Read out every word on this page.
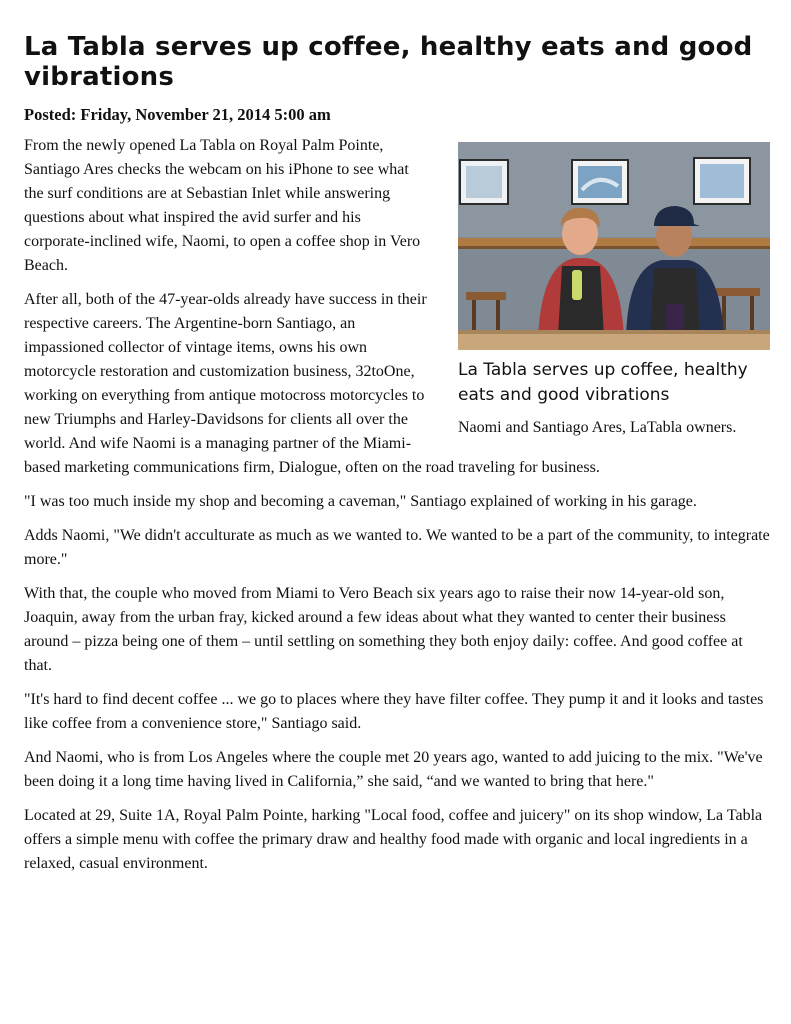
La Tabla serves up coffee, healthy eats and good vibrations
Posted: Friday, November 21, 2014 5:00 am
La Tabla serves up coffee, healthy eats and good vibrations

Naomi and Santiago Ares, LaTabla owners.

From the newly opened La Tabla on Royal Palm Pointe, Santiago Ares checks the webcam on his iPhone to see what the surf conditions are at Sebastian Inlet while answering questions about what inspired the avid surfer and his corporate-inclined wife, Naomi, to open a coffee shop in Vero Beach.

After all, both of the 47-year-olds already have success in their respective careers. The Argentine-born Santiago, an impassioned collector of vintage items, owns his own motorcycle restoration and customization business, 32toOne, working on everything from antique motocross motorcycles to new Triumphs and Harley-Davidsons for clients all over the world. And wife Naomi is a managing partner of the Miami-based marketing communications firm, Dialogue, often on the road traveling for business.

"I was too much inside my shop and becoming a caveman," Santiago explained of working in his garage.

Adds Naomi, "We didn't acculturate as much as we wanted to. We wanted to be a part of the community, to integrate more."

With that, the couple who moved from Miami to Vero Beach six years ago to raise their now 14-year-old son, Joaquin, away from the urban fray, kicked around a few ideas about what they wanted to center their business around – pizza being one of them – until settling on something they both enjoy daily: coffee. And good coffee at that.

"It's hard to find decent coffee ... we go to places where they have filter coffee. They pump it and it looks and tastes like coffee from a convenience store," Santiago said.

And Naomi, who is from Los Angeles where the couple met 20 years ago, wanted to add juicing to the mix. "We've been doing it a long time having lived in California,” she said, “and we wanted to bring that here."

Located at 29, Suite 1A, Royal Palm Pointe, harking "Local food, coffee and juicery" on its shop window, La Tabla offers a simple menu with coffee the primary draw and healthy food made with organic and local ingredients in a relaxed, casual environment.
